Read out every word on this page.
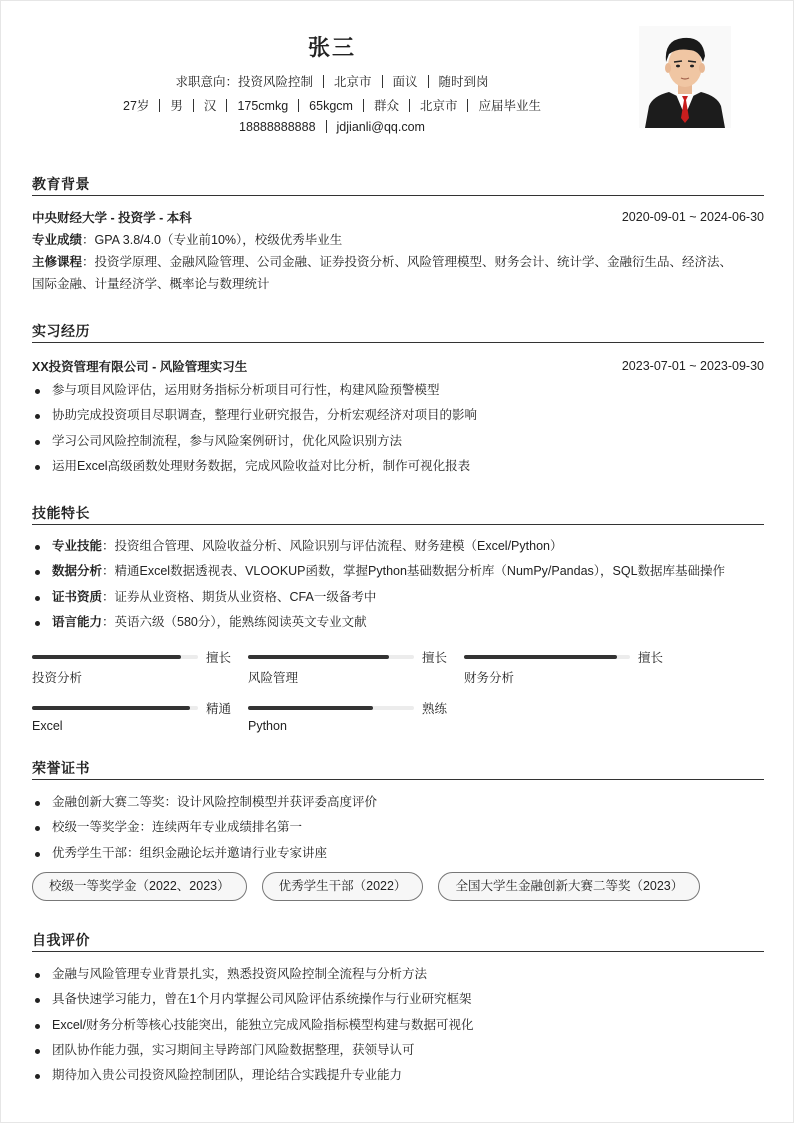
张三
求职意向：投资风险控制 北京市 面议 随时到岗
27岁 男 汉 175cmkg 65kgcm 群众 北京市 应届毕业生
18888888888 jdjianli@qq.com
教育背景
中央财经大学 - 投资学 - 本科	2020-09-01 ~ 2024-06-30
专业成绩：GPA 3.8/4.0（专业前10%），校级优秀毕业生
主修课程：投资学原理、金融风险管理、公司金融、证券投资分析、风险管理模型、财务会计、统计学、金融衍生品、经济法、
国际金融、计量经济学、概率论与数理统计
实习经历
XX投资管理有限公司 - 风险管理实习生	2023-07-01 ~ 2023-09-30
参与项目风险评估，运用财务指标分析项目可行性，构建风险预警模型
协助完成投资项目尽职调查，整理行业研究报告，分析宏观经济对项目的影响
学习公司风险控制流程，参与风险案例研讨，优化风险识别方法
运用Excel高级函数处理财务数据，完成风险收益对比分析，制作可视化报表
技能特长
专业技能：投资组合管理、风险收益分析、风险识别与评估流程、财务建模（Excel/Python）
数据分析：精通Excel数据透视表、VLOOKUP函数，掌握Python基础数据分析库（NumPy/Pandas），SQL数据库基础操作
证书资质：证券从业资格、期货从业资格、CFA一级备考中
语言能力：英语六级（580分），能熟练阅读英文专业文献
擅长
投资分析
擅长
风险管理
擅长
财务分析
精通
Excel
熟练
Python
荣誉证书
金融创新大赛二等奖：设计风险控制模型并获评委高度评价
校级一等奖学金：连续两年专业成绩排名第一
优秀学生干部：组织金融论坛并邀请行业专家讲座
校级一等奖学金（2022、2023）	优秀学生干部（2022）	全国大学生金融创新大赛二等奖（2023）
自我评价
金融与风险管理专业背景扎实，熟悉投资风险控制全流程与分析方法
具备快速学习能力，曾在1个月内掌握公司风险评估系统操作与行业研究框架
Excel/财务分析等核心技能突出，能独立完成风险指标模型构建与数据可视化
团队协作能力强，实习期间主导跨部门风险数据整理，获领导认可
期待加入贵公司投资风险控制团队，理论结合实践提升专业能力
